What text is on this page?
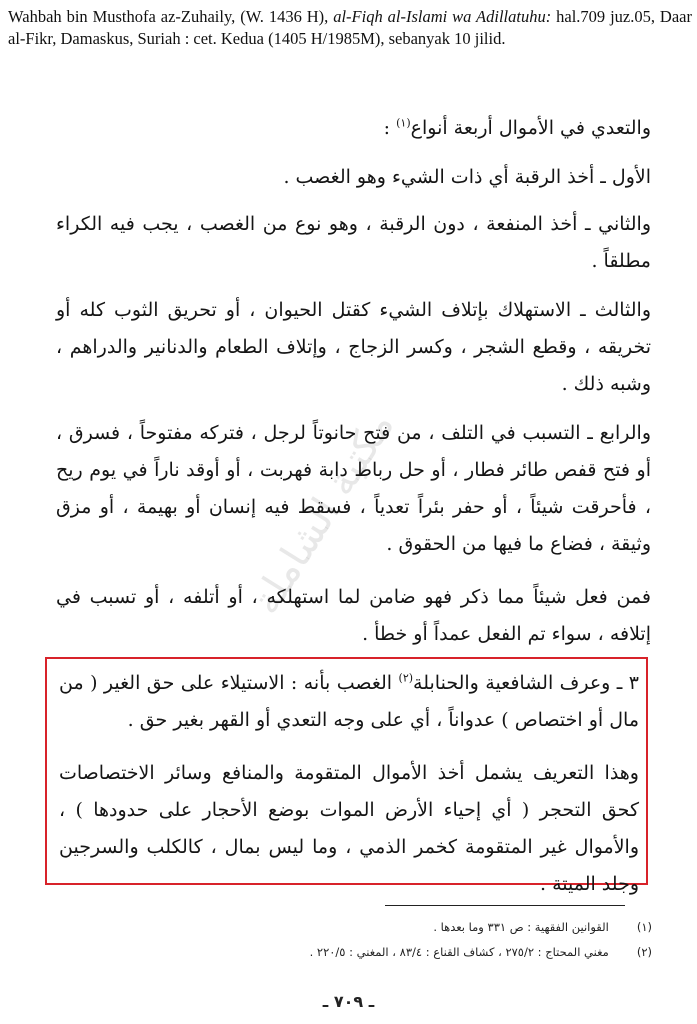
Wahbah bin Musthofa az-Zuhaily, (W. 1436 H), al-Fiqh al-Islami wa Adillatuhu: hal.709 juz.05, Daar al-Fikr, Damaskus, Suriah : cet. Kedua (1405 H/1985M), sebanyak 10 jilid.
مكتبة الشاملة

والتعدي في الأموال أربعة أنواع$^{(١)}$ :

الأول ـ أخذ الرقبة أي ذات الشيء وهو الغصب .

والثاني ـ أخذ المنفعة ، دون الرقبة ، وهو نوع من الغصب ، يجب فيه الكراء مطلقاً .

والثالث ـ الاستهلاك بإتلاف الشيء كقتل الحيوان ، أو تحريق الثوب كله أو تخريقه ، وقطع الشجر ، وكسر الزجاج ، وإتلاف الطعام والدنانير والدراهم ، وشبه ذلك .

والرابع ـ التسبب في التلف ، من فتح حانوتاً لرجل ، فتركه مفتوحاً ، فسرق ، أو فتح قفص طائر فطار ، أو حل رباط دابة فهربت ، أو أوقد ناراً في يوم ريح ، فأحرقت شيئاً ، أو حفر بئراً تعدياً ، فسقط فيه إنسان أو بهيمة ، أو مزق وثيقة ، فضاع ما فيها من الحقوق .

فمن فعل شيئاً مما ذكر فهو ضامن لما استهلكه ، أو أتلفه ، أو تسبب في إتلافه ، سواء تم الفعل عمداً أو خطأ .

٣ ـ وعرف الشافعية والحنابلة$^{(٢)}$ الغصب بأنه : الاستيلاء على حق الغير ( من مال أو اختصاص ) عدواناً ، أي على وجه التعدي أو القهر بغير حق .

وهذا التعريف يشمل أخذ الأموال المتقومة والمنافع وسائر الاختصاصات كحق التحجر ( أي إحياء الأرض الموات بوضع الأحجار على حدودها ) ، والأموال غير المتقومة كخمر الذمي ، وما ليس بمال ، كالكلب والسرجين وجلد الميتة .

(١)
القوانين الفقهية : ص ٣٣١ وما بعدها .
(٢)
مغني المحتاج : ٢٧٥/٢ ، كشاف القناع : ٨٣/٤ ، المغني : ٢٢٠/٥ .
ـ ٧٠٩ ـ
